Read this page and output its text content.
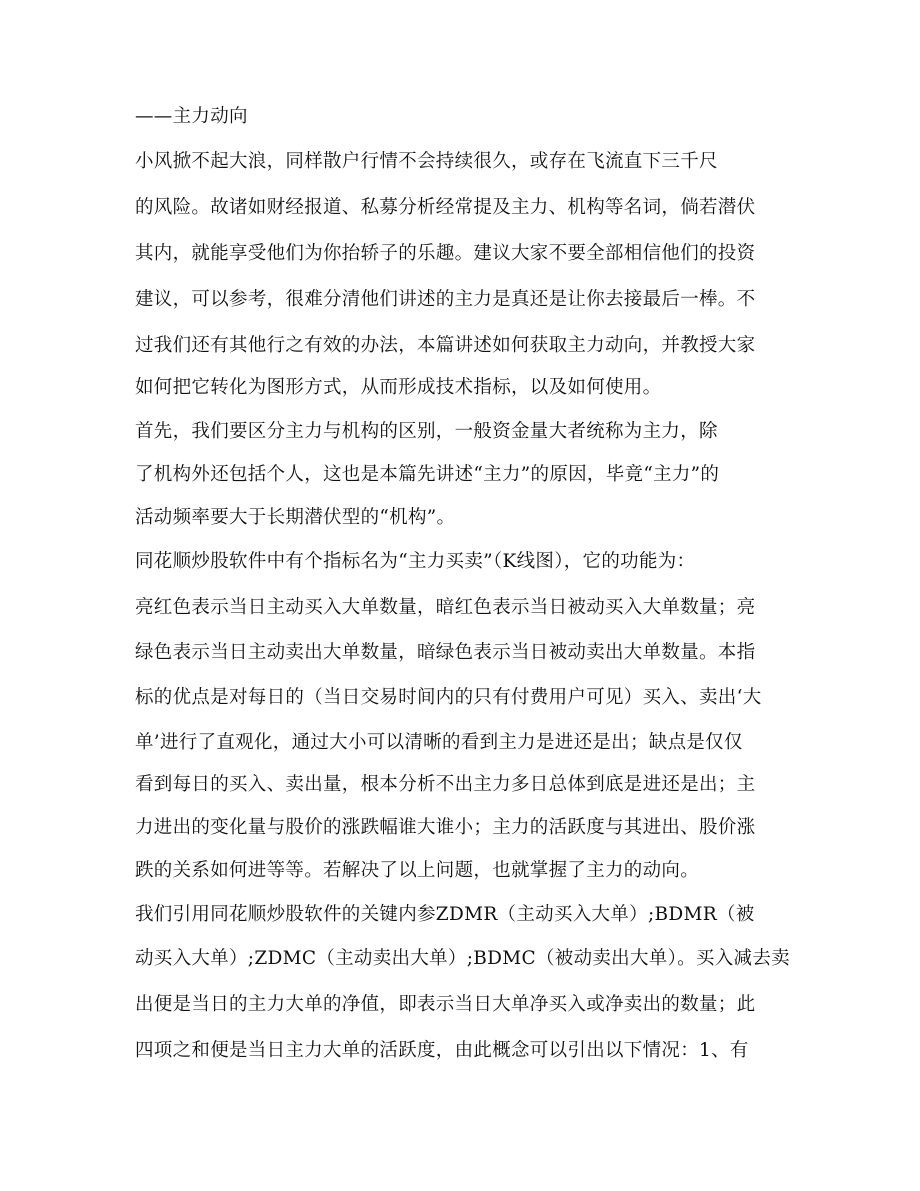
——主力动向

小风掀不起大浪，同样散户行情不会持续很久，或存在飞流直下三千尺

的风险。故诸如财经报道、私募分析经常提及主力、机构等名词，倘若潜伏

其内，就能享受他们为你抬轿子的乐趣。建议大家不要全部相信他们的投资

建议，可以参考，很难分清他们讲述的主力是真还是让你去接最后一棒。不

过我们还有其他行之有效的办法，本篇讲述如何获取主力动向，并教授大家

如何把它转化为图形方式，从而形成技术指标，以及如何使用。

首先，我们要区分主力与机构的区别，一般资金量大者统称为主力，除

了机构外还包括个人，这也是本篇先讲述“主力”的原因，毕竟“主力”的

活动频率要大于长期潜伏型的“机构”。

同花顺炒股软件中有个指标名为“主力买卖”（K线图），它的功能为：

亮红色表示当日主动买入大单数量，暗红色表示当日被动买入大单数量；亮

绿色表示当日主动卖出大单数量，暗绿色表示当日被动卖出大单数量。本指

标的优点是对每日的（当日交易时间内的只有付费用户可见）买入、卖出‘大

单’进行了直观化，通过大小可以清晰的看到主力是进还是出；缺点是仅仅

看到每日的买入、卖出量，根本分析不出主力多日总体到底是进还是出；主

力进出的变化量与股价的涨跌幅谁大谁小；主力的活跃度与其进出、股价涨

跌的关系如何进等等。若解决了以上问题，也就掌握了主力的动向。

我们引用同花顺炒股软件的关键内参ZDMR（主动买入大单）;BDMR（被

动买入大单）;ZDMC（主动卖出大单）;BDMC（被动卖出大单）。买入减去卖

出便是当日的主力大单的净值，即表示当日大单净买入或净卖出的数量；此

四项之和便是当日主力大单的活跃度，由此概念可以引出以下情况：1、有
